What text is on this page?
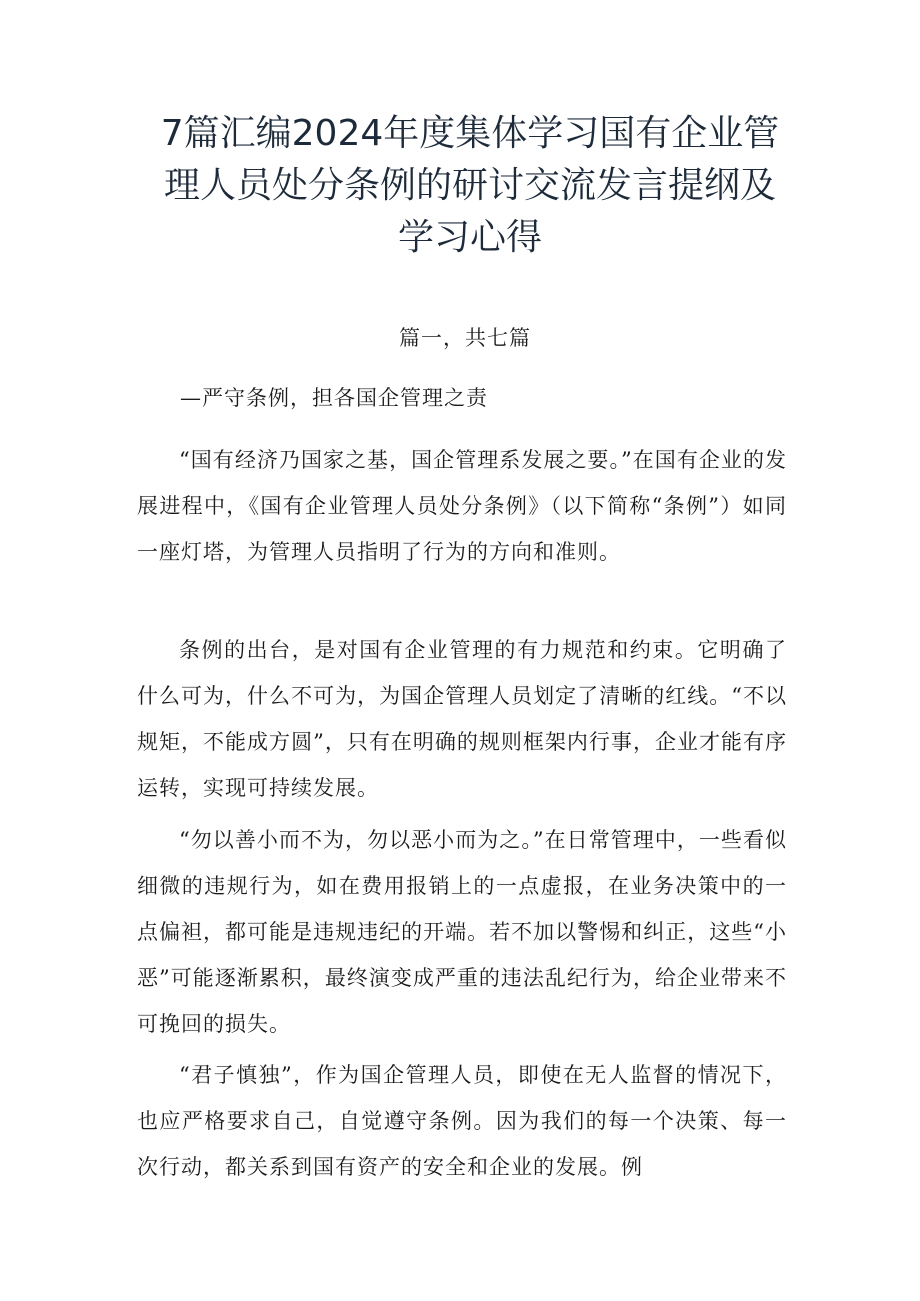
7篇汇编2024年度集体学习国有企业管理人员处分条例的研讨交流发言提纲及学习心得

篇一，共七篇

—严守条例，担各国企管理之责

“国有经济乃国家之基，国企管理系发展之要。”在国有企业的发展进程中，《国有企业管理人员处分条例》（以下简称“条例”）如同一座灯塔，为管理人员指明了行为的方向和准则。

条例的出台，是对国有企业管理的有力规范和约束。它明确了什么可为，什么不可为，为国企管理人员划定了清晰的红线。“不以规矩，不能成方圆”，只有在明确的规则框架内行事，企业才能有序运转，实现可持续发展。

“勿以善小而不为，勿以恶小而为之。”在日常管理中，一些看似细微的违规行为，如在费用报销上的一点虚报，在业务决策中的一点偏袒，都可能是违规违纪的开端。若不加以警惕和纠正，这些“小恶”可能逐渐累积，最终演变成严重的违法乱纪行为，给企业带来不可挽回的损失。

“君子慎独”，作为国企管理人员，即使在无人监督的情况下，也应严格要求自己，自觉遵守条例。因为我们的每一个决策、每一次行动，都关系到国有资产的安全和企业的发展。例
